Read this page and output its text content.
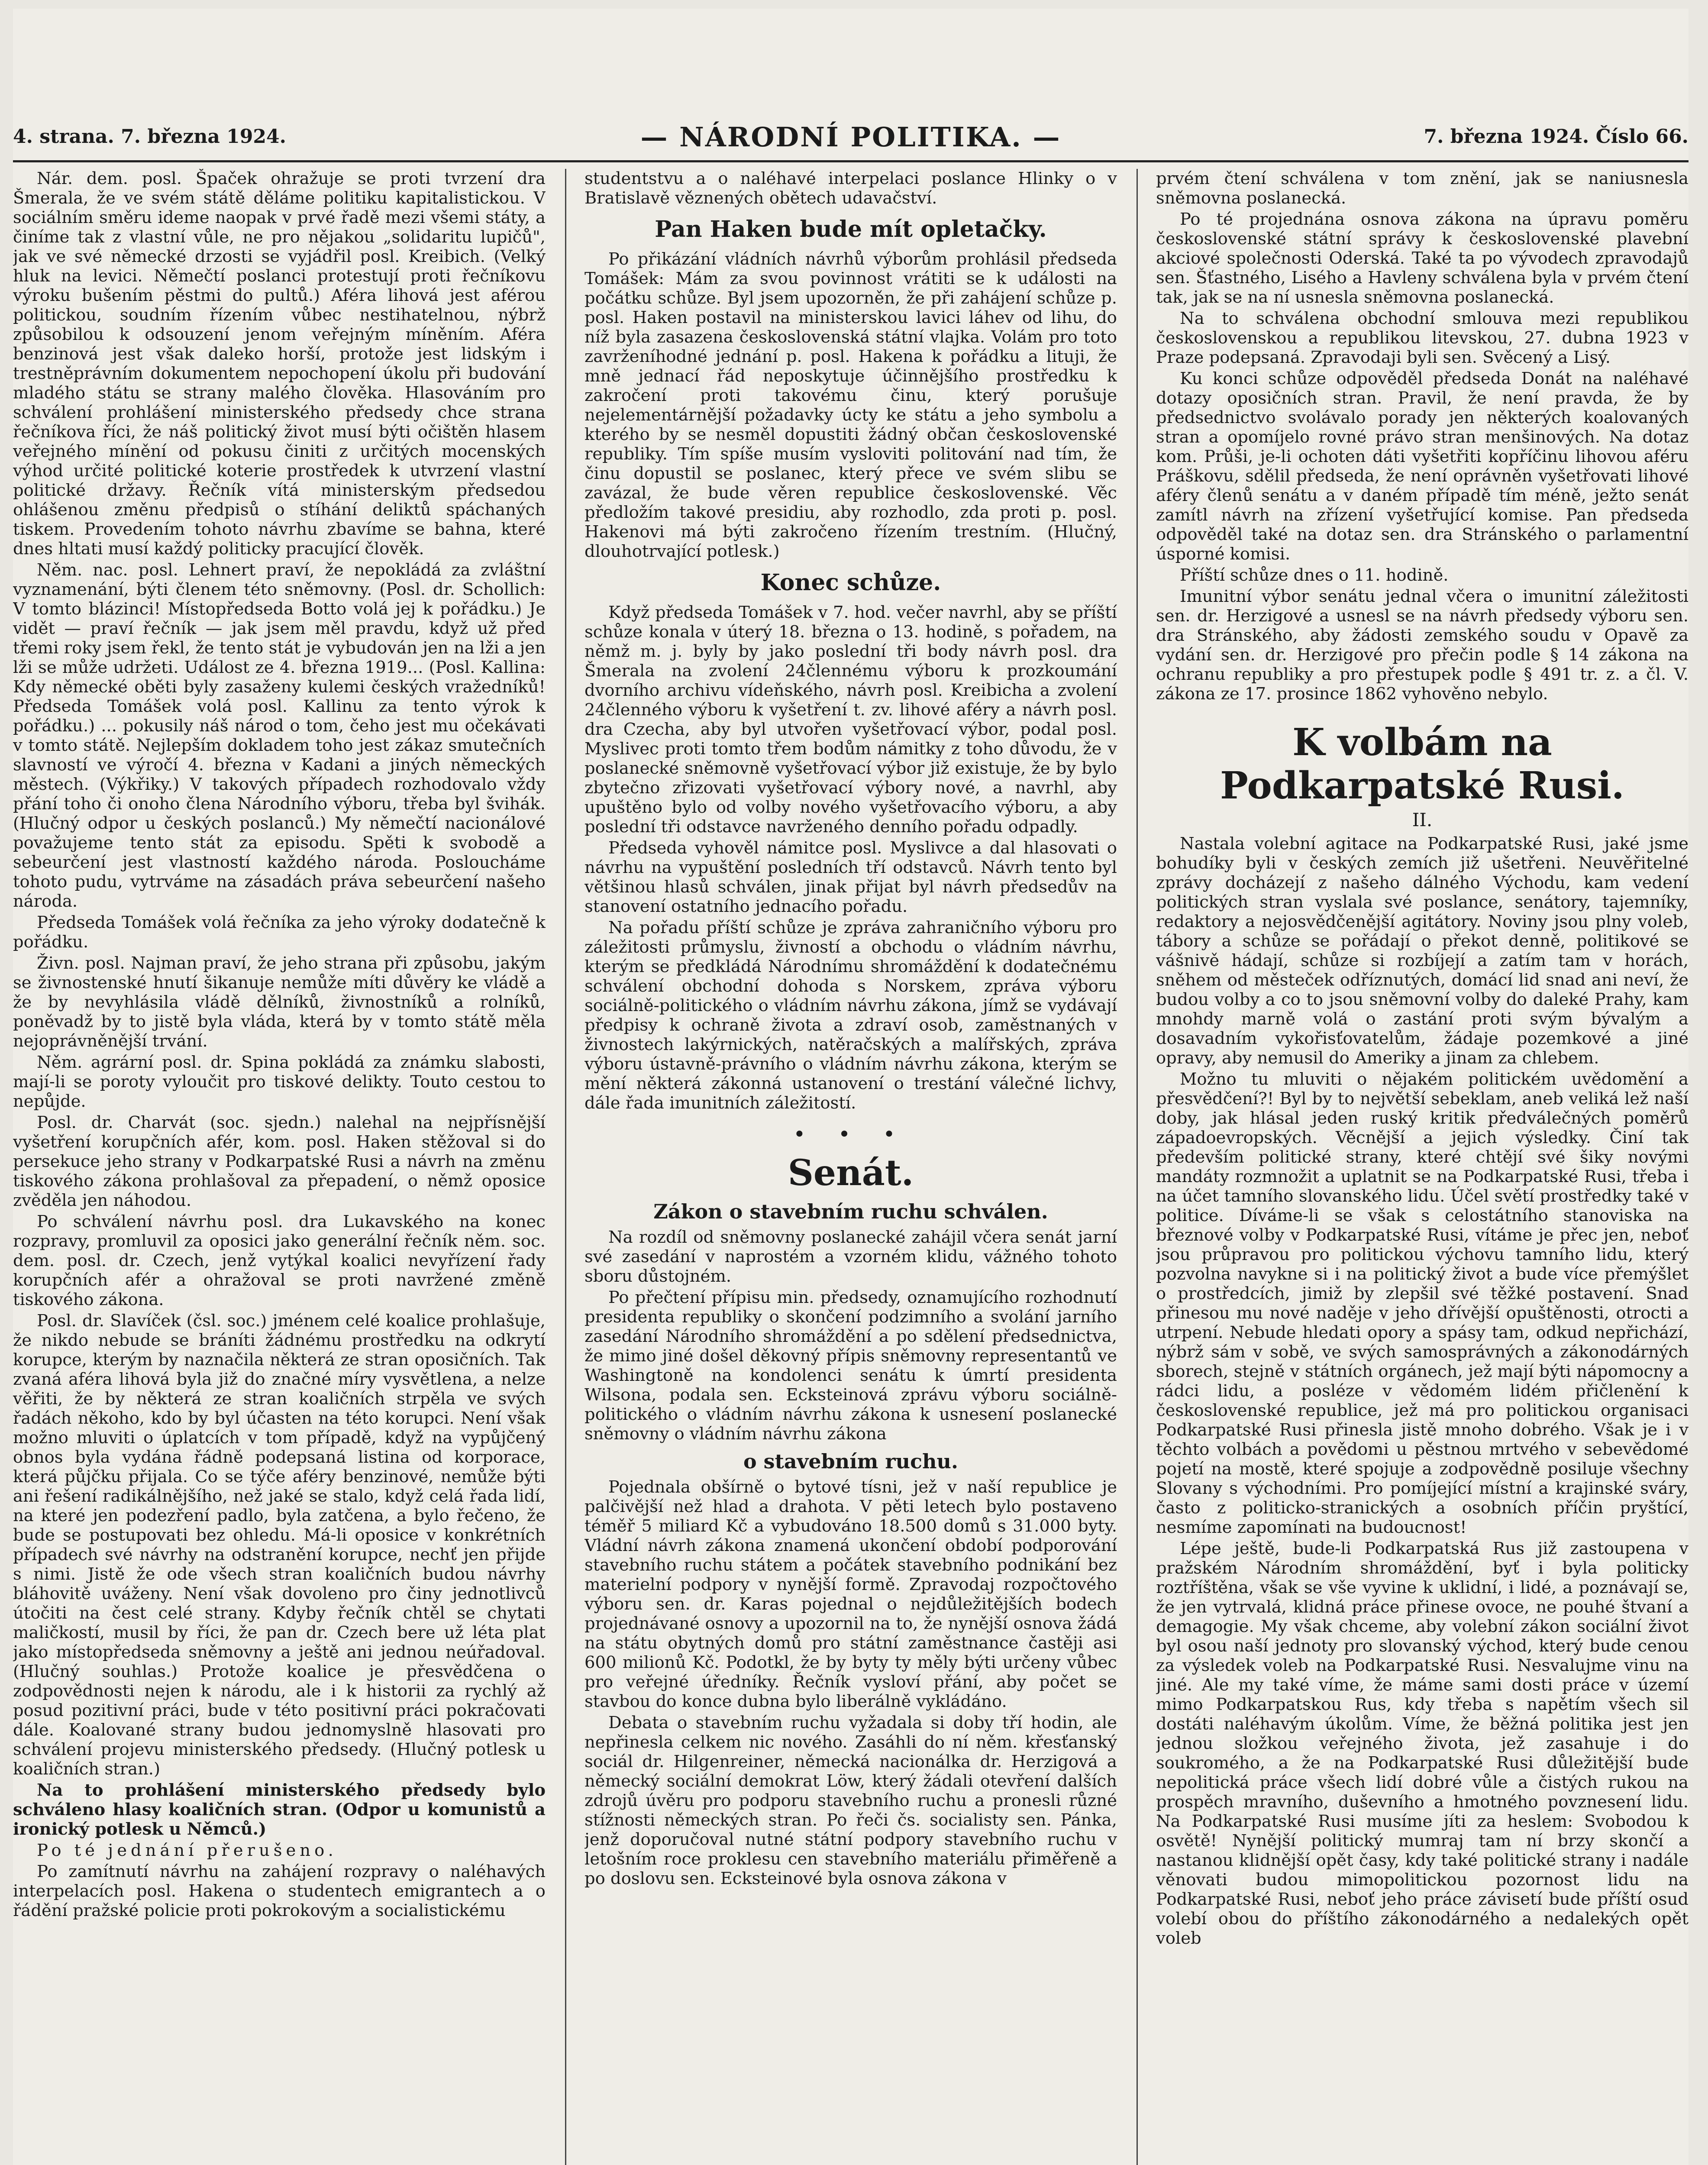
4. strana. 7. března 1924.	— NÁRODNÍ POLITIKA. —	7. března 1924. Číslo 66.

Nár. dem. posl. Špaček ohražuje se proti tvrzení dra Šmerala, že ve svém státě děláme politiku kapitalistickou. V sociálním směru ideme naopak v prvé řadě mezi všemi státy, a činíme tak z vlastní vůle, ne pro nějakou „solidaritu lupičů", jak ve své německé drzosti se vyjádřil posl. Kreibich. (Velký hluk na levici. Němečtí poslanci protestují proti řečníkovu výroku bušením pěstmi do pultů.) Aféra lihová jest aférou politickou, soudním řízením vůbec nestihatelnou, nýbrž způsobilou k odsouzení jenom veřejným míněním. Aféra benzinová jest však daleko horší, protože jest lidským i trestněprávním dokumentem nepochopení úkolu při budování mladého státu se strany malého člověka. Hlasováním pro schválení prohlášení ministerského předsedy chce strana řečníkova říci, že náš politický život musí býti očištěn hlasem veřejného mínění od pokusu činiti z určitých mocenských výhod určité politické koterie prostředek k utvrzení vlastní politické državy. Řečník vítá ministerským předsedou ohlášenou změnu předpisů o stíhání deliktů spáchaných tiskem. Provedením tohoto návrhu zbavíme se bahna, které dnes hltati musí každý politicky pracující člověk.

Něm. nac. posl. Lehnert praví, že nepokládá za zvláštní vyznamenání, býti členem této sněmovny. (Posl. dr. Schollich: V tomto blázinci! Místopředseda Botto volá jej k pořádku.) Je vidět — praví řečník — jak jsem měl pravdu, když už před třemi roky jsem řekl, že tento stát je vybudován jen na lži a jen lži se může udržeti. Událost ze 4. března 1919... (Posl. Kallina: Kdy německé oběti byly zasaženy kulemi českých vražedníků! Předseda Tomášek volá posl. Kallinu za tento výrok k pořádku.) ... pokusily náš národ o tom, čeho jest mu očekávati v tomto státě. Nejlepším dokladem toho jest zákaz smutečních slavností ve výročí 4. března v Kadani a jiných německých městech. (Výkřiky.) V takových případech rozhodovalo vždy přání toho či onoho člena Národního výboru, třeba byl švihák. (Hlučný odpor u českých poslanců.) My němečtí nacionálové považujeme tento stát za episodu. Spěti k svobodě a sebeurčení jest vlastností každého národa. Posloucháme tohoto pudu, vytrváme na zásadách práva sebeurčení našeho národa.

Předseda Tomášek volá řečníka za jeho výroky dodatečně k pořádku.

Živn. posl. Najman praví, že jeho strana při způsobu, jakým se živnostenské hnutí šikanuje nemůže míti důvěry ke vládě a že by nevyhlásila vládě dělníků, živnostníků a rolníků, poněvadž by to jistě byla vláda, která by v tomto státě měla nejoprávněnější trvání.

Něm. agrární posl. dr. Spina pokládá za známku slabosti, mají-li se poroty vyloučit pro tiskové delikty. Touto cestou to nepůjde.

Posl. dr. Charvát (soc. sjedn.) nalehal na nejpřísnější vyšetření korupčních afér, kom. posl. Haken stěžoval si do persekuce jeho strany v Podkarpatské Rusi a návrh na změnu tiskového zákona prohlašoval za přepadení, o němž oposice zvěděla jen náhodou.

Po schválení návrhu posl. dra Lukavského na konec rozpravy, promluvil za oposici jako generální řečník něm. soc. dem. posl. dr. Czech, jenž vytýkal koalici nevyřízení řady korupčních afér a ohražoval se proti navržené změně tiskového zákona.

Posl. dr. Slavíček (čsl. soc.) jménem celé koalice prohlašuje, že nikdo nebude se bráníti žádnému prostředku na odkrytí korupce, kterým by naznačila některá ze stran oposičních. Tak zvaná aféra lihová byla již do značné míry vysvětlena, a nelze věřiti, že by některá ze stran koaličních strpěla ve svých řadách někoho, kdo by byl účasten na této korupci. Není však možno mluviti o úplatcích v tom případě, když na vypůjčený obnos byla vydána řádně podepsaná listina od korporace, která půjčku přijala. Co se týče aféry benzinové, nemůže býti ani řešení radikálnějšího, než jaké se stalo, když celá řada lidí, na které jen podezření padlo, byla zatčena, a bylo řečeno, že bude se postupovati bez ohledu. Má-li oposice v konkrétních případech své návrhy na odstranění korupce, nechť jen přijde s nimi. Jistě že ode všech stran koaličních budou návrhy bláhovitě uváženy. Není však dovoleno pro činy jednotlivců útočiti na čest celé strany. Kdyby řečník chtěl se chytati maličkostí, musil by říci, že pan dr. Czech bere už léta plat jako místopředseda sněmovny a ještě ani jednou neúřadoval. (Hlučný souhlas.) Protože koalice je přesvědčena o zodpovědnosti nejen k národu, ale i k historii za rychlý až posud pozitivní práci, bude v této positivní práci pokračovati dále. Koalované strany budou jednomyslně hlasovati pro schválení projevu ministerského předsedy. (Hlučný potlesk u koaličních stran.)

Na to prohlášení ministerského předsedy bylo schváleno hlasy koaličních stran. (Odpor u komunistů a ironický potlesk u Němců.)

Po té jednání přerušeno.

Po zamítnutí návrhu na zahájení rozpravy o naléhavých interpelacích posl. Hakena o studentech emigrantech a o řádění pražské policie proti pokrokovým a socialistickému

studentstvu a o naléhavé interpelaci poslance Hlinky o v Bratislavě věznených obětech udavačství.

Pan Haken bude mít opletačky.

Po přikázání vládních návrhů výborům prohlásil předseda Tomášek: Mám za svou povinnost vrátiti se k události na počátku schůze. Byl jsem upozorněn, že při zahájení schůze p. posl. Haken postavil na ministerskou lavici láhev od lihu, do níž byla zasazena československá státní vlajka. Volám pro toto zavrženíhodné jednání p. posl. Hakena k pořádku a lituji, že mně jednací řád neposkytuje účinnějšího prostředku k zakročení proti takovému činu, který porušuje nejelementárnější požadavky úcty ke státu a jeho symbolu a kterého by se nesměl dopustiti žádný občan československé republiky. Tím spíše musím vysloviti politování nad tím, že činu dopustil se poslanec, který přece ve svém slibu se zavázal, že bude věren republice československé. Věc předložím takové presidiu, aby rozhodlo, zda proti p. posl. Hakenovi má býti zakročeno řízením trestním. (Hlučný, dlouhotrvající potlesk.)

Konec schůze.

Když předseda Tomášek v 7. hod. večer navrhl, aby se příští schůze konala v úterý 18. března o 13. hodině, s pořadem, na němž m. j. byly by jako poslední tři body návrh posl. dra Šmerala na zvolení 24člennému výboru k prozkoumání dvorního archivu vídeňského, návrh posl. Kreibicha a zvolení 24členného výboru k vyšetření t. zv. lihové aféry a návrh posl. dra Czecha, aby byl utvořen vyšetřovací výbor, podal posl. Myslivec proti tomto třem bodům námitky z toho důvodu, že v poslanecké sněmovně vyšetřovací výbor již existuje, že by bylo zbytečno zřizovati vyšetřovací výbory nové, a navrhl, aby upuštěno bylo od volby nového vyšetřovacího výboru, a aby poslední tři odstavce navrženého denního pořadu odpadly.

Předseda vyhověl námitce posl. Myslivce a dal hlasovati o návrhu na vypuštění posledních tří odstavců. Návrh tento byl většinou hlasů schválen, jinak přijat byl návrh předsedův na stanovení ostatního jednacího pořadu.

Na pořadu příští schůze je zpráva zahraničního výboru pro záležitosti průmyslu, živností a obchodu o vládním návrhu, kterým se předkládá Národnímu shromáždění k dodatečnému schválení obchodní dohoda s Norskem, zpráva výboru sociálně-politického o vládním návrhu zákona, jímž se vydávají předpisy k ochraně života a zdraví osob, zaměstnaných v živnostech lakýrnických, natěračských a malířských, zpráva výboru ústavně-právního o vládním návrhu zákona, kterým se mění některá zákonná ustanovení o trestání válečné lichvy, dále řada imunitních záležitostí.

• • •
Senát.
Zákon o stavebním ruchu schválen.

Na rozdíl od sněmovny poslanecké zahájil včera senát jarní své zasedání v naprostém a vzorném klidu, vážného tohoto sboru důstojném.

Po přečtení přípisu min. předsedy, oznamujícího rozhodnutí presidenta republiky o skončení podzimního a svolání jarního zasedání Národního shromáždění a po sdělení předsednictva, že mimo jiné došel děkovný přípis sněmovny representantů ve Washingtoně na kondolenci senátu k úmrtí presidenta Wilsona, podala sen. Ecksteinová zprávu výboru sociálně-politického o vládním návrhu zákona k usnesení poslanecké sněmovny o vládním návrhu zákona

o stavebním ruchu.

Pojednala obšírně o bytové tísni, jež v naší republice je palčivější než hlad a drahota. V pěti letech bylo postaveno téměř 5 miliard Kč a vybudováno 18.500 domů s 31.000 byty. Vládní návrh zákona znamená ukončení období podporování stavebního ruchu státem a počátek stavebního podnikání bez materielní podpory v nynější formě. Zpravodaj rozpočtového výboru sen. dr. Karas pojednal o nejdůležitějších bodech projednávané osnovy a upozornil na to, že nynější osnova žádá na státu obytných domů pro státní zaměstnance častěji asi 600 milionů Kč. Podotkl, že by byty ty měly býti určeny vůbec pro veřejné úředníky. Řečník vysloví přání, aby počet se stavbou do konce dubna bylo liberálně vykládáno.

Debata o stavebním ruchu vyžadala si doby tří hodin, ale nepřinesla celkem nic nového. Zasáhli do ní něm. křesťanský sociál dr. Hilgenreiner, německá nacionálka dr. Herzigová a německý sociální demokrat Löw, který žádali otevření dalších zdrojů úvěru pro podporu stavebního ruchu a pronesli různé stížnosti německých stran. Po řeči čs. socialisty sen. Pánka, jenž doporučoval nutné státní podpory stavebního ruchu v letošním roce proklesu cen stavebního materiálu přiměřeně a po doslovu sen. Ecksteinové byla osnova zákona v

prvém čtení schválena v tom znění, jak se naniusnesla sněmovna poslanecká.

Po té projednána osnova zákona na úpravu poměru československé státní správy k československé plavební akciové společnosti Oderská. Také ta po vývodech zpravodajů sen. Šťastného, Lisého a Havleny schválena byla v prvém čtení tak, jak se na ní usnesla sněmovna poslanecká.

Na to schválena obchodní smlouva mezi republikou československou a republikou litevskou, 27. dubna 1923 v Praze podepsaná. Zpravodaji byli sen. Svěcený a Lisý.

Ku konci schůze odpověděl předseda Donát na naléhavé dotazy oposičních stran. Pravil, že není pravda, že by předsednictvo svolávalo porady jen některých koalovaných stran a opomíjelo rovné právo stran menšinových. Na dotaz kom. Průši, je-li ochoten dáti vyšetřiti kopříčinu lihovou aféru Práškovu, sdělil předseda, že není oprávněn vyšetřovati lihové aféry členů senátu a v daném případě tím méně, ježto senát zamítl návrh na zřízení vyšetřující komise. Pan předseda odpověděl také na dotaz sen. dra Stránského o parlamentní úsporné komisi.

Příští schůze dnes o 11. hodině.

Imunitní výbor senátu jednal včera o imunitní záležitosti sen. dr. Herzigové a usnesl se na návrh předsedy výboru sen. dra Stránského, aby žádosti zemského soudu v Opavě za vydání sen. dr. Herzigové pro přečin podle § 14 zákona na ochranu republiky a pro přestupek podle § 491 tr. z. a čl. V. zákona ze 17. prosince 1862 vyhověno nebylo.

K volbám na Podkarpatské Rusi.
II.

Nastala volební agitace na Podkarpatské Rusi, jaké jsme bohudíky byli v českých zemích již ušetřeni. Neuvěřitelné zprávy docházejí z našeho dálného Východu, kam vedení politických stran vyslala své poslance, senátory, tajemníky, redaktory a nejosvědčenější agitátory. Noviny jsou plny voleb, tábory a schůze se pořádají o překot denně, politikové se vášnivě hádají, schůze si rozbíjejí a zatím tam v horách, sněhem od městeček odříznutých, domácí lid snad ani neví, že budou volby a co to jsou sněmovní volby do daleké Prahy, kam mnohdy marně volá o zastání proti svým bývalým a dosavadním vykořisťovatelům, žádaje pozemkové a jiné opravy, aby nemusil do Ameriky a jinam za chlebem.

Možno tu mluviti o nějakém politickém uvědomění a přesvědčení?! Byl by to největší sebeklam, aneb veliká lež naší doby, jak hlásal jeden ruský kritik předválečných poměrů západoevropských. Věcnější a jejich výsledky. Činí tak především politické strany, které chtějí své šiky novými mandáty rozmnožit a uplatnit se na Podkarpatské Rusi, třeba i na účet tamního slovanského lidu. Účel světí prostředky také v politice. Díváme-li se však s celostátního stanoviska na březnové volby v Podkarpatské Rusi, vítáme je přec jen, neboť jsou průpravou pro politickou výchovu tamního lidu, který pozvolna navykne si i na politický život a bude více přemýšlet o prostředcích, jimiž by zlepšil své těžké postavení. Snad přinesou mu nové naděje v jeho dřívější opuštěnosti, otrocti a utrpení. Nebude hledati opory a spásy tam, odkud nepřichází, nýbrž sám v sobě, ve svých samosprávných a zákonodárných sborech, stejně v státních orgánech, jež mají býti nápomocny a rádci lidu, a posléze v vědomém lidém přičlenění k československé republice, jež má pro politickou organisaci Podkarpatské Rusi přinesla jistě mnoho dobrého. Však je i v těchto volbách a povědomi u pěstnou mrtvého v sebevědomé pojetí na mostě, které spojuje a zodpovědně posiluje všechny Slovany s východními. Pro pomíjející místní a krajinské sváry, často z politicko-stranických a osobních příčin pryštící, nesmíme zapomínati na budoucnost!

Lépe ještě, bude-li Podkarpatská Rus již zastoupena v pražském Národním shromáždění, byť i byla politicky roztříštěna, však se vše vyvine k uklidní, i lidé, a poznávají se, že jen vytrvalá, klidná práce přinese ovoce, ne pouhé štvaní a demagogie. My však chceme, aby volební zákon sociální život byl osou naší jednoty pro slovanský východ, který bude cenou za výsledek voleb na Podkarpatské Rusi. Nesvalujme vinu na jiné. Ale my také víme, že máme sami dosti práce v území mimo Podkarpatskou Rus, kdy třeba s napětím všech sil dostáti naléhavým úkolům. Víme, že běžná politika jest jen jednou složkou veřejného života, jež zasahuje i do soukromého, a že na Podkarpatské Rusi důležitější bude nepolitická práce všech lidí dobré vůle a čistých rukou na prospěch mravního, duševního a hmotného povznesení lidu. Na Podkarpatské Rusi musíme jíti za heslem: Svobodou k osvětě! Nynější politický mumraj tam ní brzy skončí a nastanou klidnější opět časy, kdy také politické strany i nadále věnovati budou mimopolitickou pozornost lidu na Podkarpatské Rusi, neboť jeho práce závisetí bude příští osud volebí obou do příštího zákonodárného a nedalekých opět voleb
